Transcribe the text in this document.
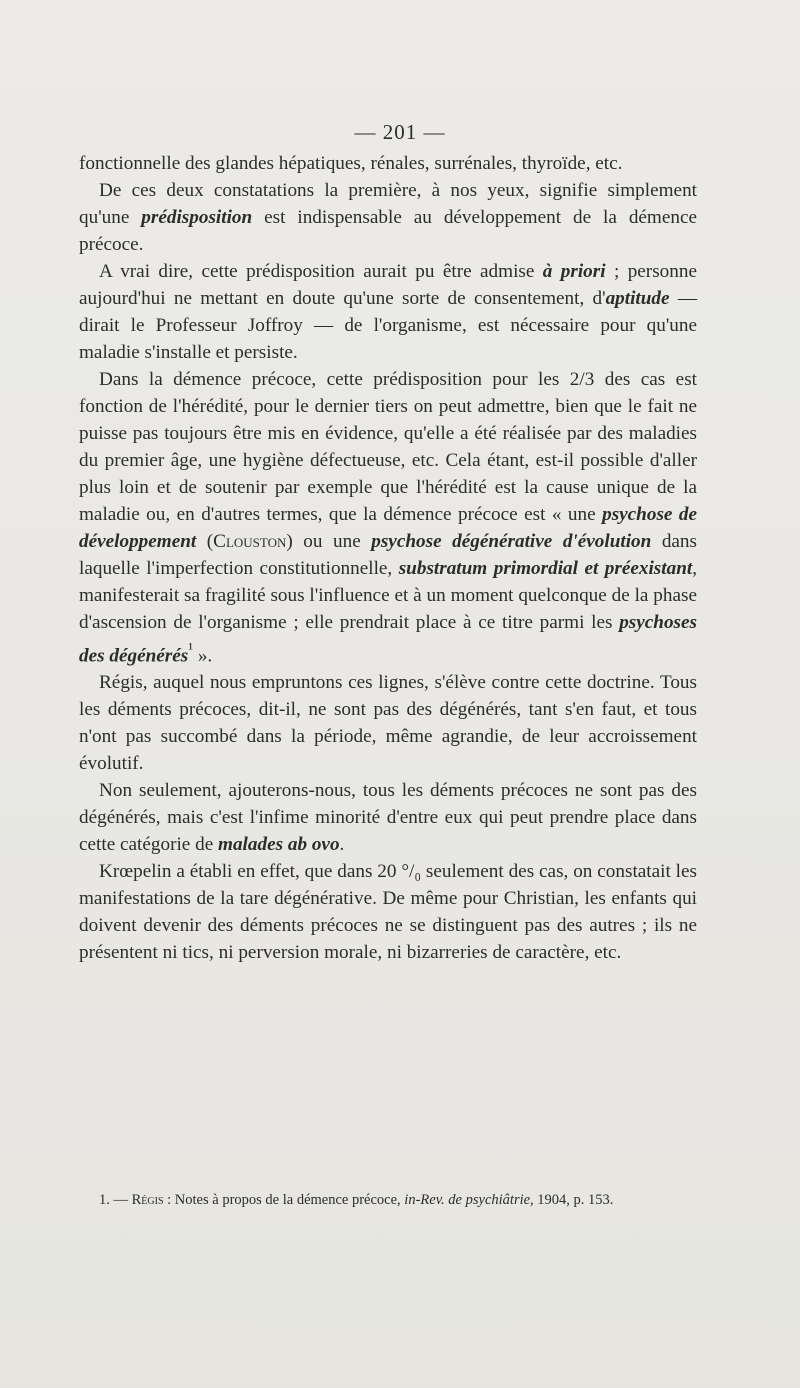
— 201 —

fonctionnelle des glandes hépatiques, rénales, surrénales, thyroïde, etc.

De ces deux constatations la première, à nos yeux, signifie simplement qu'une prédisposition est indispensable au développement de la démence précoce.

A vrai dire, cette prédisposition aurait pu être admise à priori ; personne aujourd'hui ne mettant en doute qu'une sorte de consentement, d'aptitude — dirait le Professeur Joffroy — de l'organisme, est nécessaire pour qu'une maladie s'installe et persiste.

Dans la démence précoce, cette prédisposition pour les 2/3 des cas est fonction de l'hérédité, pour le dernier tiers on peut admettre, bien que le fait ne puisse pas toujours être mis en évidence, qu'elle a été réalisée par des maladies du premier âge, une hygiène défectueuse, etc. Cela étant, est-il possible d'aller plus loin et de soutenir par exemple que l'hérédité est la cause unique de la maladie ou, en d'autres termes, que la démence précoce est « une psychose de développement (Clouston) ou une psychose dégénérative d'évolution dans laquelle l'imperfection constitutionnelle, substratum primordial et préexistant, manifesterait sa fragilité sous l'influence et à un moment quelconque de la phase d'ascension de l'organisme ; elle prendrait place à ce titre parmi les psychoses des dégénérés$^{^1}$ ».

Régis, auquel nous empruntons ces lignes, s'élève contre cette doctrine. Tous les déments précoces, dit-il, ne sont pas des dégénérés, tant s'en faut, et tous n'ont pas succombé dans la période, même agrandie, de leur accroissement évolutif.

Non seulement, ajouterons-nous, tous les déments précoces ne sont pas des dégénérés, mais c'est l'infime minorité d'entre eux qui peut prendre place dans cette catégorie de malades ab ovo.

Krœpelin a établi en effet, que dans 20 °/₀ seulement des cas, on constatait les manifestations de la tare dégénérative. De même pour Christian, les enfants qui doivent devenir des déments précoces ne se distinguent pas des autres ; ils ne présentent ni tics, ni perversion morale, ni bizarreries de caractère, etc.

1. — Régis : Notes à propos de la démence précoce, in-Rev. de psychiâtrie, 1904, p. 153.
